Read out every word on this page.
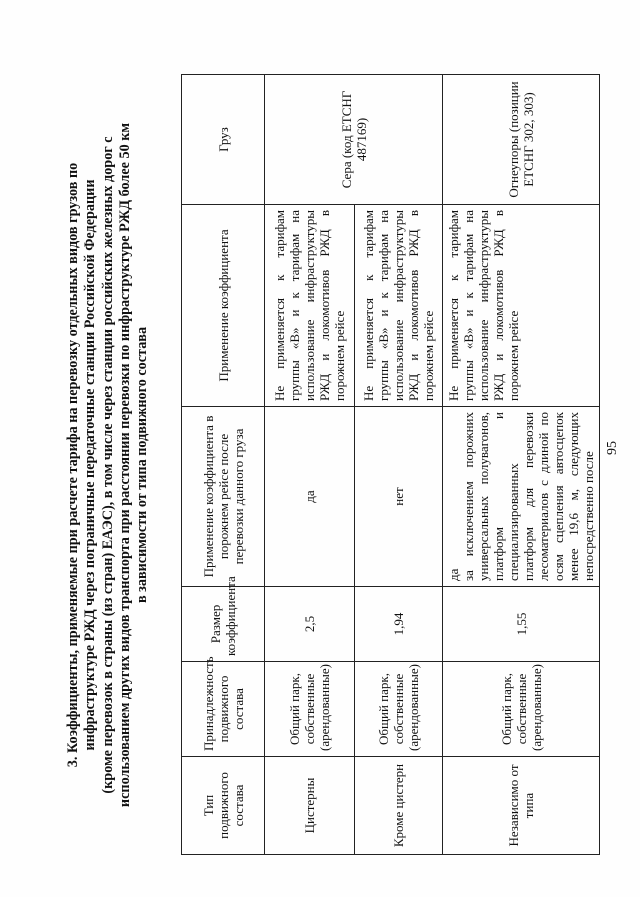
95
3. Коэффициенты, применяемые при расчете тарифа на перевозку отдельных видов грузов по инфраструктуре РЖД через пограничные передаточные станции Российской Федерации (кроме перевозок в страны (из стран) ЕАЭС), в том числе через станции российских железных дорог с использованием других видов транспорта при расстоянии перевозки по инфраструктуре РЖД более 50 км в зависимости от типа подвижного состава
Тип подвижного состава	Принадлежность подвижного состава	Размер коэффициента	Применение коэффициента в порожнем рейсе после перевозки данного груза	Применение коэффициента	Груз
Цистерны	Общий парк, собственные (арендованные)	2,5	да	Не применяется к тарифам группы «В» и к тарифам на использование инфраструктуры РЖД и локомотивов РЖД в порожнем рейсе	Сера (код ЕТСНГ 487169)
Кроме цистерн	Общий парк, собственные (арендованные)	1,94	нет	Не применяется к тарифам группы «В» и к тарифам на использование инфраструктуры РЖД и локомотивов РЖД в порожнем рейсе	
Независимо от типа	Общий парк, собственные (арендованные)	1,55	да за исключением порожних универсальных полувагонов, платформ и специализированных платформ для перевозки лесоматериалов с длиной по осям сцепления автосцепок менее 19,6 м, следующих непосредственно после	Не применяется к тарифам группы «В» и к тарифам на использование инфраструктуры РЖД и локомотивов РЖД в порожнем рейсе	Огнеупоры (позиции ЕТСНГ 302, 303)
